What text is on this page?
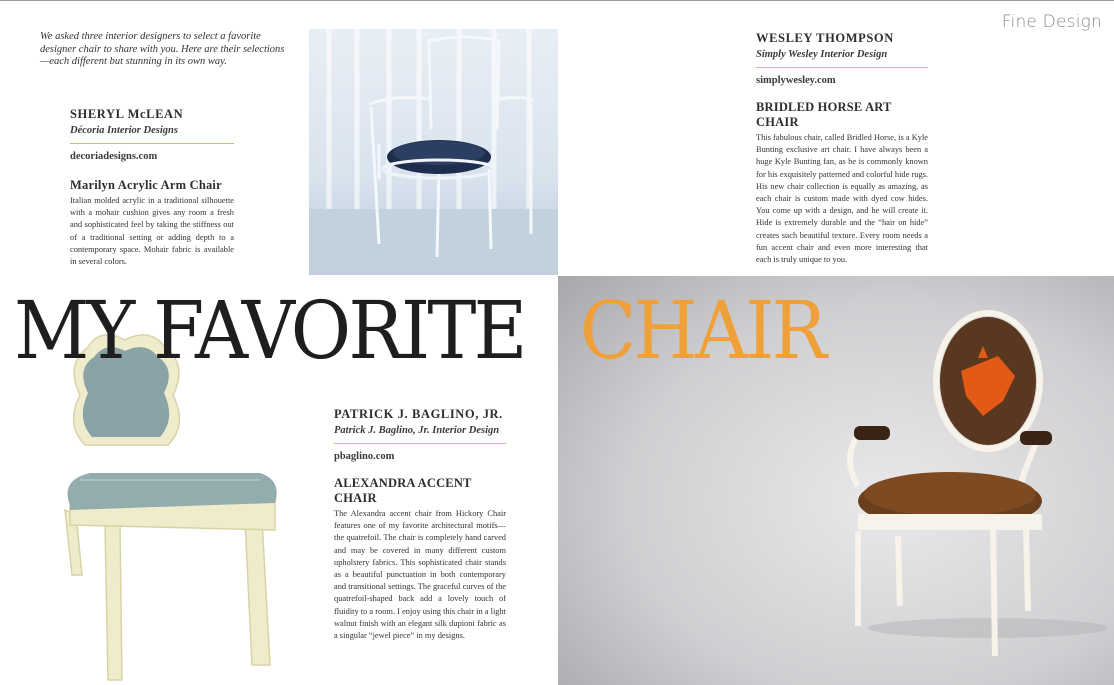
Fine Design
We asked three interior designers to select a favorite designer chair to share with you. Here are their selections—each different but stunning in its own way.
SHERYL McLEAN
Décoria Interior Designs
decoriadesigns.com
Marilyn Acrylic Arm Chair
Italian molded acrylic in a traditional silhouette with a mohair cushion gives any room a fresh and sophisticated feel by taking the stiffness out of a traditional setting or adding depth to a contemporary space. Mohair fabric is available in several colors.
WESLEY THOMPSON
Simply Wesley Interior Design
simplywesley.com
BRIDLED HORSE ART CHAIR
This fabulous chair, called Bridled Horse, is a Kyle Bunting exclusive art chair. I have always been a huge Kyle Bunting fan, as he is commonly known for his exquisitely patterned and colorful hide rugs. His new chair collection is equally as amazing, as each chair is custom made with dyed cow hides. You come up with a design, and he will create it. Hide is extremely durable and the “hair on hide” creates such beautiful texture. Every room needs a fun accent chair and even more interesting that each is truly unique to you.
MY FAVORITE CHAIR
PATRICK J. BAGLINO, JR.
Patrick J. Baglino, Jr. Interior Design
pbaglino.com
ALEXANDRA ACCENT CHAIR
The Alexandra accent chair from Hickory Chair features one of my favorite architectural motifs—the quatrefoil. The chair is completely hand carved and may be covered in many different custom upholstery fabrics. This sophisticated chair stands as a beautiful punctuation in both contemporary and transitional settings. The graceful curves of the quatrefoil-shaped back add a lovely touch of fluidity to a room. I enjoy using this chair in a light walnut finish with an elegant silk dupioni fabric as a singular “jewel piece” in my designs.
